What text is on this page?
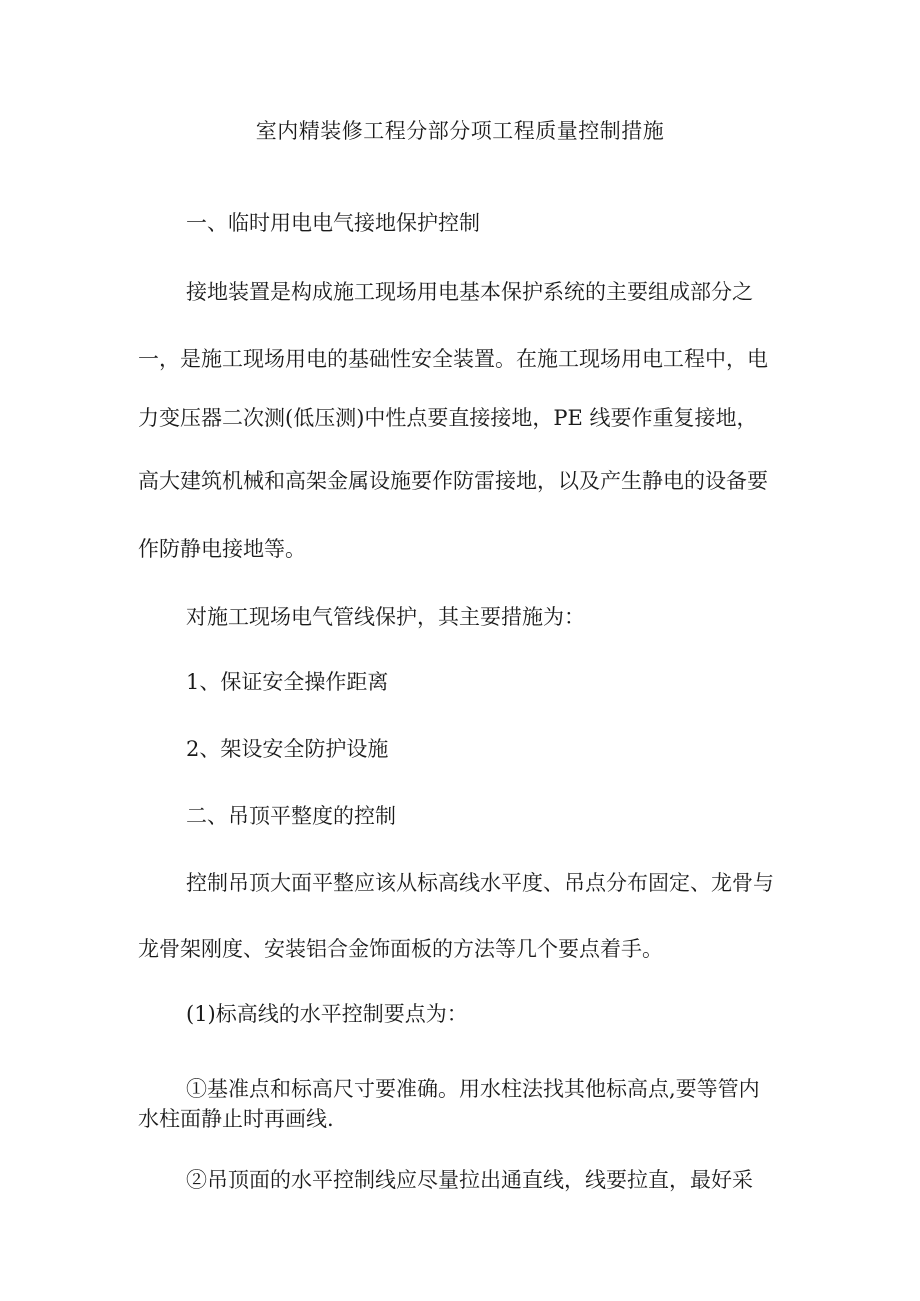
室内精装修工程分部分项工程质量控制措施
一、临时用电电气接地保护控制
接地装置是构成施工现场用电基本保护系统的主要组成部分之
一，是施工现场用电的基础性安全装置。在施工现场用电工程中，电
力变压器二次测(低压测)中性点要直接接地，PE 线要作重复接地，
高大建筑机械和高架金属设施要作防雷接地，以及产生静电的设备要
作防静电接地等。
对施工现场电气管线保护，其主要措施为：
1、保证安全操作距离
2、架设安全防护设施
二、吊顶平整度的控制
控制吊顶大面平整应该从标高线水平度、吊点分布固定、龙骨与
龙骨架刚度、安装铝合金饰面板的方法等几个要点着手。
(1)标高线的水平控制要点为：
①基准点和标高尺寸要准确。用水柱法找其他标高点,要等管内
水柱面静止时再画线.
②吊顶面的水平控制线应尽量拉出通直线，线要拉直，最好采
